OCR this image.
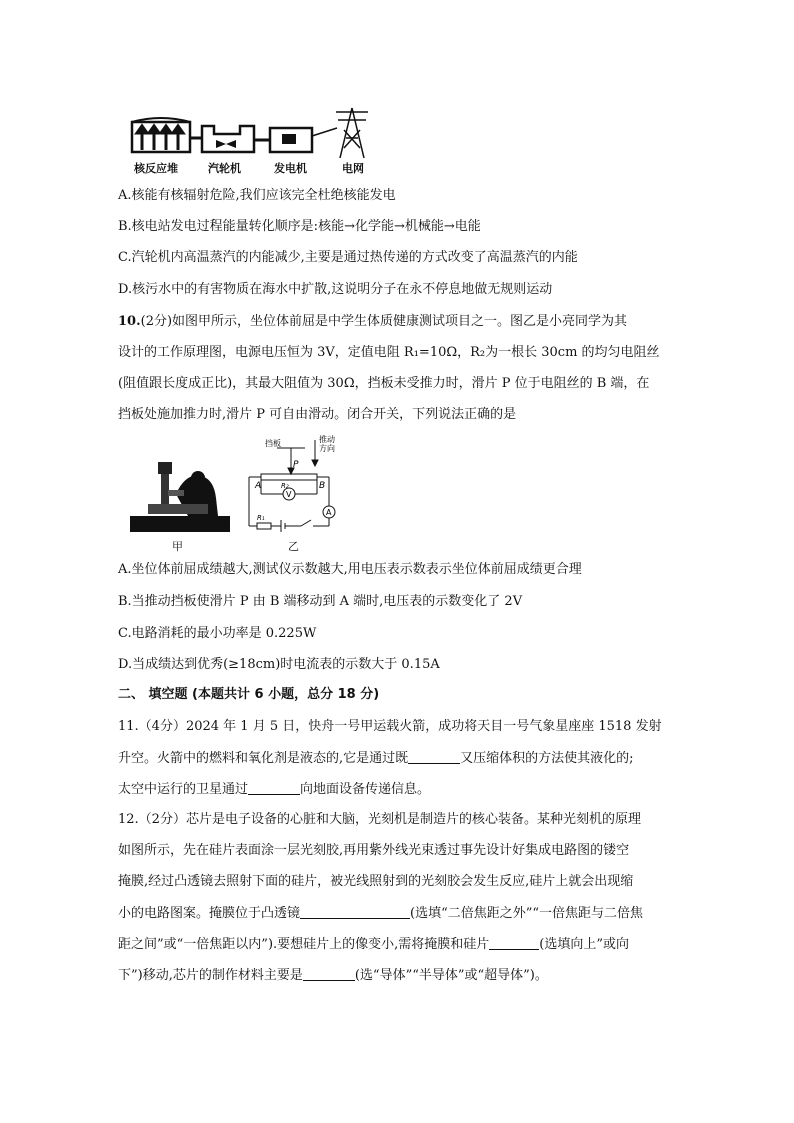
核反应堆	汽轮机	发电机	电网
A.核能有核辐射危险,我们应该完全杜绝核能发电
B.核电站发电过程能量转化顺序是:核能→化学能→机械能→电能
C.汽轮机内高温蒸汽的内能减少,主要是通过热传递的方式改变了高温蒸汽的内能
D.核污水中的有害物质在海水中扩散,这说明分子在永不停息地做无规则运动
10.(2分)如图甲所示，坐位体前屈是中学生体质健康测试项目之一。图乙是小亮同学为其
设计的工作原理图，电源电压恒为 3V，定值电阻 R₁=10Ω，R₂为一根长 30cm 的均匀电阻丝
(阻值跟长度成正比)，其最大阻值为 30Ω，挡板未受推力时，滑片 P 位于电阻丝的 B 端，在
挡板处施加推力时,滑片 P 可自由滑动。闭合开关，下列说法正确的是
甲
挡板	推动
方向
P
A	B
R₂
V
A
R₁
乙
A.坐位体前屈成绩越大,测试仪示数越大,用电压表示数表示坐位体前屈成绩更合理
B.当推动挡板使滑片 P 由 B 端移动到 A 端时,电压表的示数变化了 2V
C.电路消耗的最小功率是 0.225W
D.当成绩达到优秀(≥18cm)时电流表的示数大于 0.15A
二、 填空题 (本题共计 6 小题，总分 18 分)
11.（4分）2024 年 1 月 5 日，快舟一号甲运载火箭，成功将天目一号气象星座座 1518 发射
升空。火箭中的燃料和氧化剂是液态的,它是通过既	又压缩体积的方法使其液化的;
太空中运行的卫星通过	向地面设备传递信息。
12.（2分）芯片是电子设备的心脏和大脑，光刻机是制造片的核心装备。某种光刻机的原理
如图所示，先在硅片表面涂一层光刻胶,再用紫外线光束透过事先设计好集成电路图的镂空
掩膜,经过凸透镜去照射下面的硅片，被光线照射到的光刻胶会发生反应,硅片上就会出现缩
小的电路图案。掩膜位于凸透镜	(选填“二倍焦距之外”“一倍焦距与二倍焦
距之间”或“一倍焦距以内”).要想硅片上的像变小,需将掩膜和硅片	(选填向上”或向
下”)移动,芯片的制作材料主要是	(选“导体”“半导体”或“超导体”)。
